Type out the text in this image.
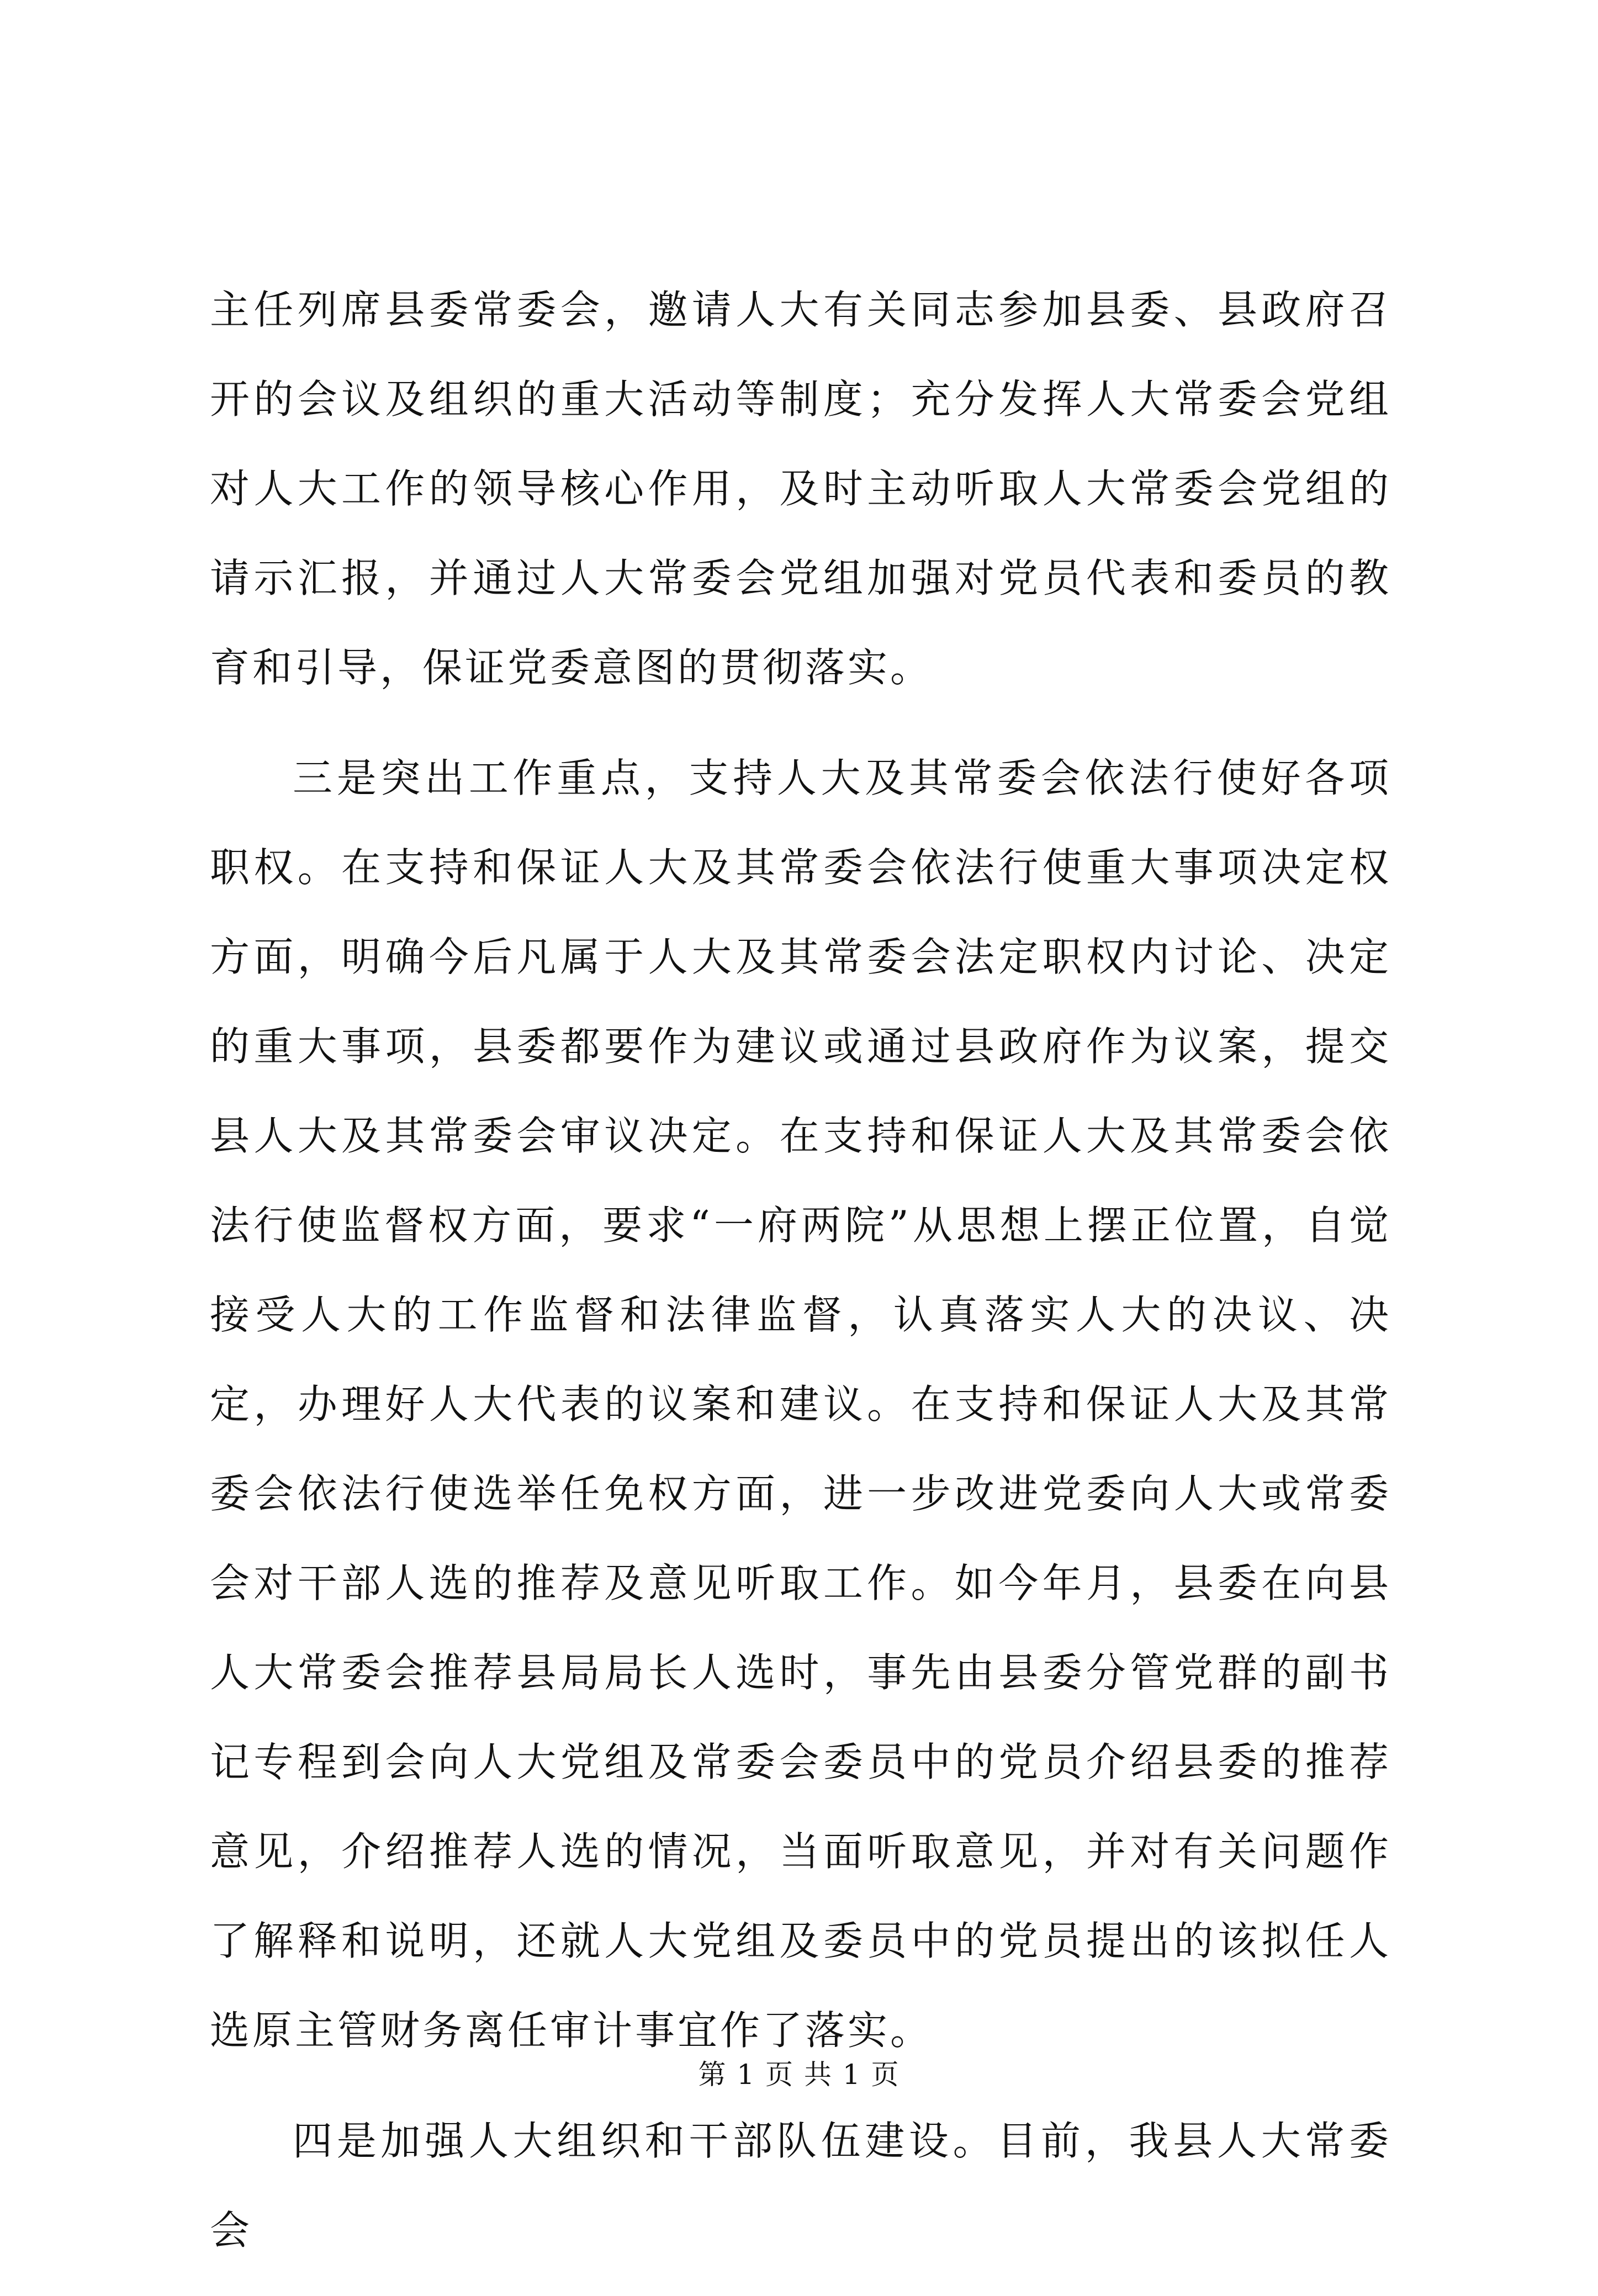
主任列席县委常委会，邀请人大有关同志参加县委、县政府召开的会议及组织的重大活动等制度；充分发挥人大常委会党组对人大工作的领导核心作用，及时主动听取人大常委会党组的请示汇报，并通过人大常委会党组加强对党员代表和委员的教育和引导，保证党委意图的贯彻落实。

三是突出工作重点，支持人大及其常委会依法行使好各项职权。在支持和保证人大及其常委会依法行使重大事项决定权方面，明确今后凡属于人大及其常委会法定职权内讨论、决定的重大事项，县委都要作为建议或通过县政府作为议案，提交县人大及其常委会审议决定。在支持和保证人大及其常委会依法行使监督权方面，要求“一府两院”从思想上摆正位置，自觉接受人大的工作监督和法律监督，认真落实人大的决议、决定，办理好人大代表的议案和建议。在支持和保证人大及其常委会依法行使选举任免权方面，进一步改进党委向人大或常委会对干部人选的推荐及意见听取工作。如今年月，县委在向县人大常委会推荐县局局长人选时，事先由县委分管党群的副书记专程到会向人大党组及常委会委员中的党员介绍县委的推荐意见，介绍推荐人选的情况，当面听取意见，并对有关问题作了解释和说明，还就人大党组及委员中的党员提出的该拟任人选原主管财务离任审计事宜作了落实。

四是加强人大组织和干部队伍建设。目前，我县人大常委会

第 1 页 共 1 页
